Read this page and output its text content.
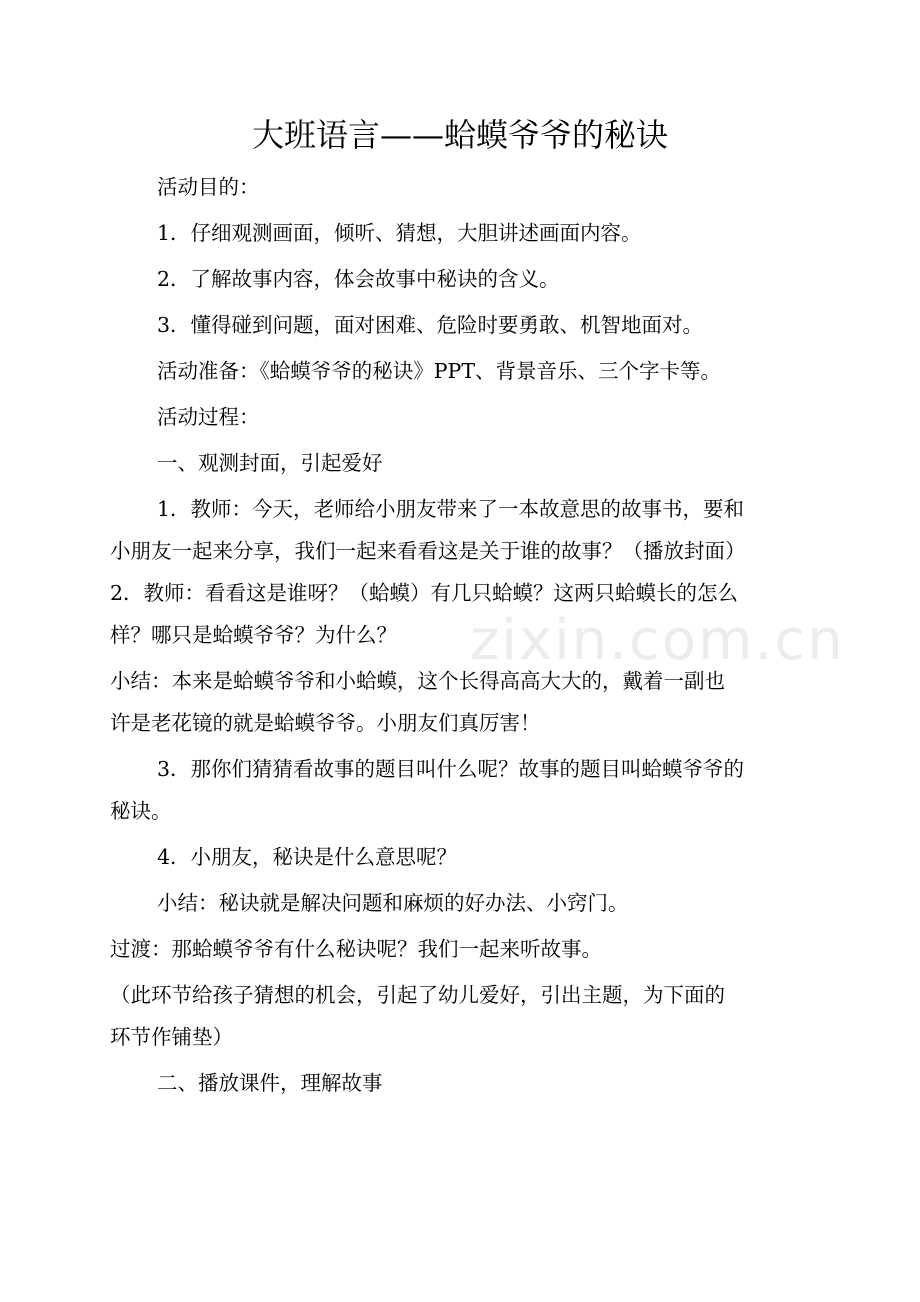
zixin.com.cn
大班语言——蛤蟆爷爷的秘诀

活动目的：

1．仔细观测画面，倾听、猜想，大胆讲述画面内容。

2．了解故事内容，体会故事中秘诀的含义。

3．懂得碰到问题，面对困难、危险时要勇敢、机智地面对。

活动准备：《蛤蟆爷爷的秘诀》PPT、背景音乐、三个字卡等。

活动过程：

一、观测封面，引起爱好

1．教师：今天，老师给小朋友带来了一本故意思的故事书，要和

小朋友一起来分享，我们一起来看看这是关于谁的故事？（播放封面）

2．教师：看看这是谁呀？（蛤蟆）有几只蛤蟆？这两只蛤蟆长的怎么

样？哪只是蛤蟆爷爷？为什么？

小结：本来是蛤蟆爷爷和小蛤蟆，这个长得高高大大的，戴着一副也

许是老花镜的就是蛤蟆爷爷。小朋友们真厉害！

3．那你们猜猜看故事的题目叫什么呢？故事的题目叫蛤蟆爷爷的

秘诀。

4．小朋友，秘诀是什么意思呢？

小结：秘诀就是解决问题和麻烦的好办法、小窍门。

过渡：那蛤蟆爷爷有什么秘诀呢？我们一起来听故事。

（此环节给孩子猜想的机会，引起了幼儿爱好，引出主题，为下面的

环节作铺垫）

二、播放课件，理解故事
